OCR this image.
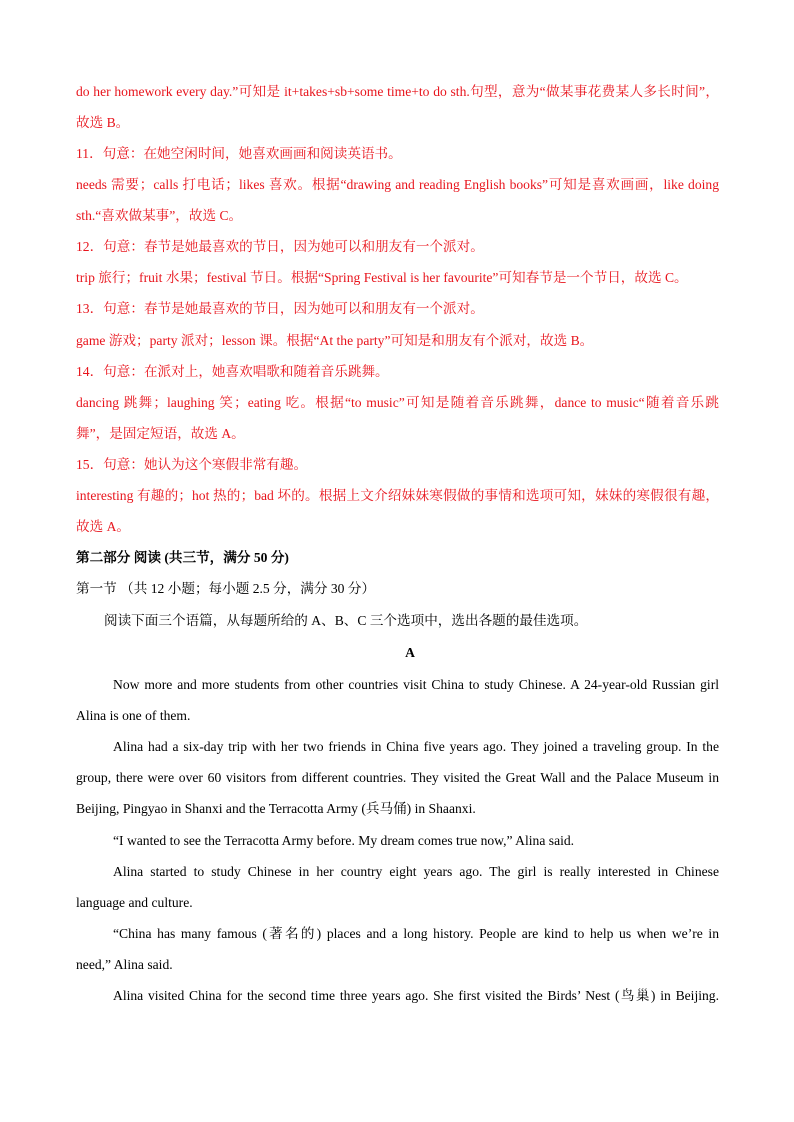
do her homework every day.”可知是 it+takes+sb+some time+to do sth.句型，意为“做某事花费某人多长时间”，
故选 B。
11．句意：在她空闲时间，她喜欢画画和阅读英语书。
needs 需要；calls 打电话；likes 喜欢。根据“drawing and reading English books”可知是喜欢画画，like doing
sth.“喜欢做某事”，故选 C。
12．句意：春节是她最喜欢的节日，因为她可以和朋友有一个派对。
trip 旅行；fruit 水果；festival 节日。根据“Spring Festival is her favourite”可知春节是一个节日，故选 C。
13．句意：春节是她最喜欢的节日，因为她可以和朋友有一个派对。
game 游戏；party 派对；lesson 课。根据“At the party”可知是和朋友有个派对，故选 B。
14．句意：在派对上，她喜欢唱歌和随着音乐跳舞。
dancing 跳舞；laughing 笑；eating 吃。根据“to music”可知是随着音乐跳舞，dance to music“随着音乐跳
舞”，是固定短语，故选 A。
15．句意：她认为这个寒假非常有趣。
interesting 有趣的；hot 热的；bad 坏的。根据上文介绍妹妹寒假做的事情和选项可知，妹妹的寒假很有趣，
故选 A。
第二部分 阅读 (共三节，满分 50 分)
第一节 （共 12 小题；每小题 2.5 分，满分 30 分）
阅读下面三个语篇，从每题所给的 A、B、C 三个选项中，选出各题的最佳选项。
A
Now more and more students from other countries visit China to study Chinese. A 24-year-old Russian girl
Alina is one of them.
Alina had a six-day trip with her two friends in China five years ago. They joined a traveling group. In the
group, there were over 60 visitors from different countries. They visited the Great Wall and the Palace Museum in
Beijing, Pingyao in Shanxi and the Terracotta Army (兵马俑) in Shaanxi.
“I wanted to see the Terracotta Army before. My dream comes true now,” Alina said.
Alina started to study Chinese in her country eight years ago. The girl is really interested in Chinese
language and culture.
“China has many famous (著名的) places and a long history. People are kind to help us when we’re in
need,” Alina said.
Alina visited China for the second time three years ago. She first visited the Birds’ Nest (鸟巢) in Beijing.
